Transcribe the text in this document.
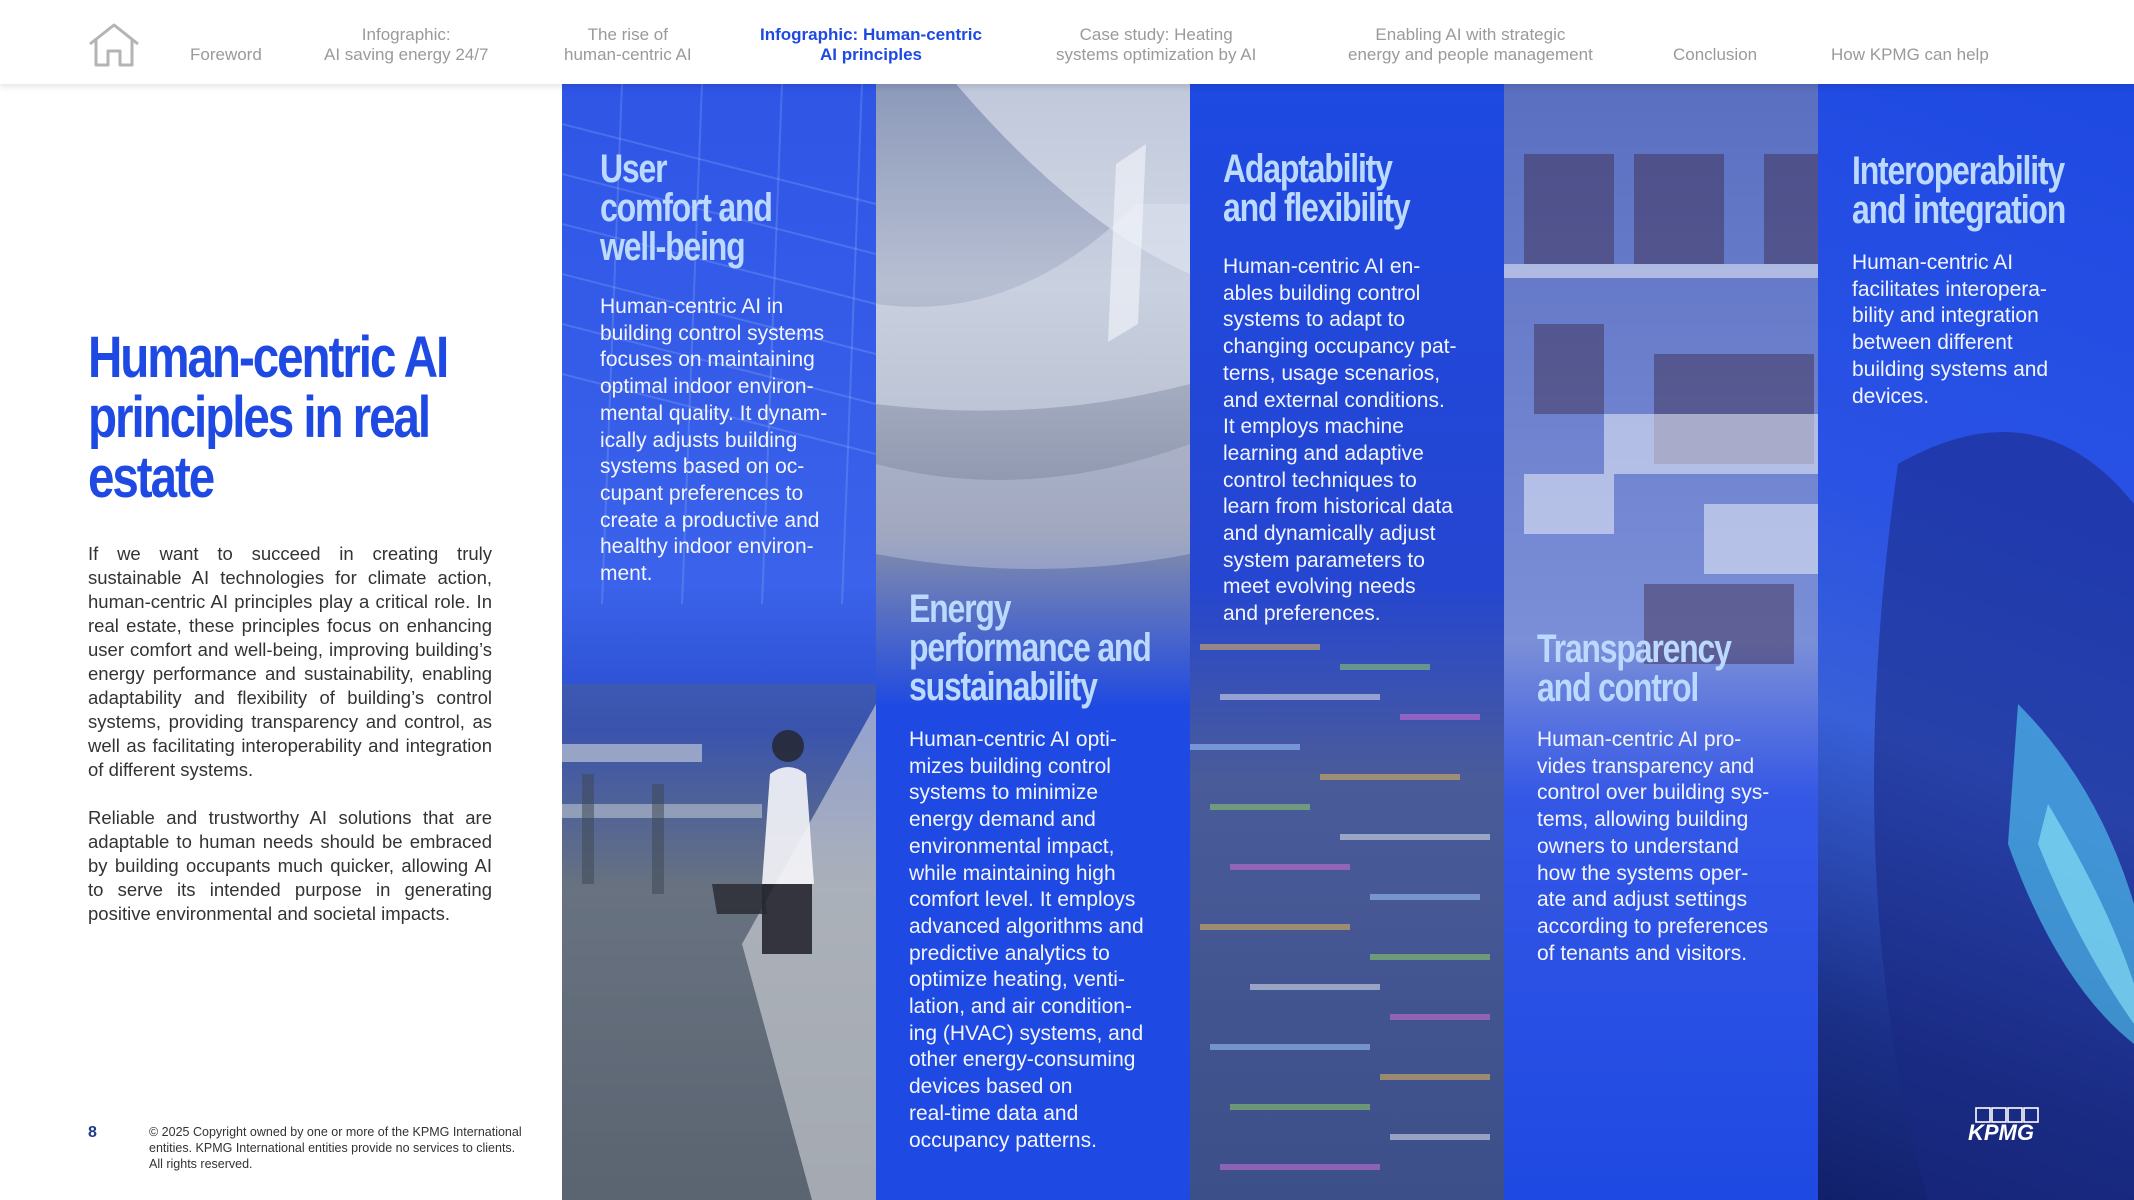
Foreword
Infographic:
AI saving energy 24/7
The rise of
human-centric AI
Infographic: Human-centric
AI principles
Case study: Heating
systems optimization by AI
Enabling AI with strategic
energy and people management	Conclusion	How KPMG can help
Human-centric AI
principles in real
estate

If we want to succeed in creating truly sustainable AI technologies for climate action, human-centric AI principles play a critical role. In real estate, these principles focus on enhancing user comfort and well-being, improving building’s energy performance and sustainability, enabling adaptability and flexibility of building’s control systems, providing transparency and control, as well as facilitating interoperability and integration of different systems.

Reliable and trustworthy AI solutions that are adaptable to human needs should be embraced by building occupants much quicker, allowing AI to serve its intended purpose in generating positive environmental and societal impacts.

User
comfort and
well-being
Human-centric AI in
building control systems
focuses on maintaining
optimal indoor environ-
mental quality. It dynam-
ically adjusts building
systems based on oc-
cupant preferences to
create a productive and
healthy indoor environ-
ment.
Energy
performance and
sustainability
Human-centric AI opti-
mizes building control
systems to minimize
energy demand and
environmental impact,
while maintaining high
comfort level. It employs
advanced algorithms and
predictive analytics to
optimize heating, venti-
lation, and air condition-
ing (HVAC) systems, and
other energy-consuming
devices based on
real-time data and
occupancy patterns.
Adaptability
and flexibility
Human-centric AI en-
ables building control
systems to adapt to
changing occupancy pat-
terns, usage scenarios,
and external conditions.
It employs machine
learning and adaptive
control techniques to
learn from historical data
and dynamically adjust
system parameters to
meet evolving needs
and preferences.
Transparency
and control
Human-centric AI pro-
vides transparency and
control over building sys-
tems, allowing building
owners to understand
how the systems oper-
ate and adjust settings
according to preferences
of tenants and visitors.
Interoperability
and integration
Human-centric AI
facilitates interopera-
bility and integration
between different
building systems and
devices.
8	© 2025 Copyright owned by one or more of the KPMG International
entities. KPMG International entities provide no services to clients.
All rights reserved.
KPMG
